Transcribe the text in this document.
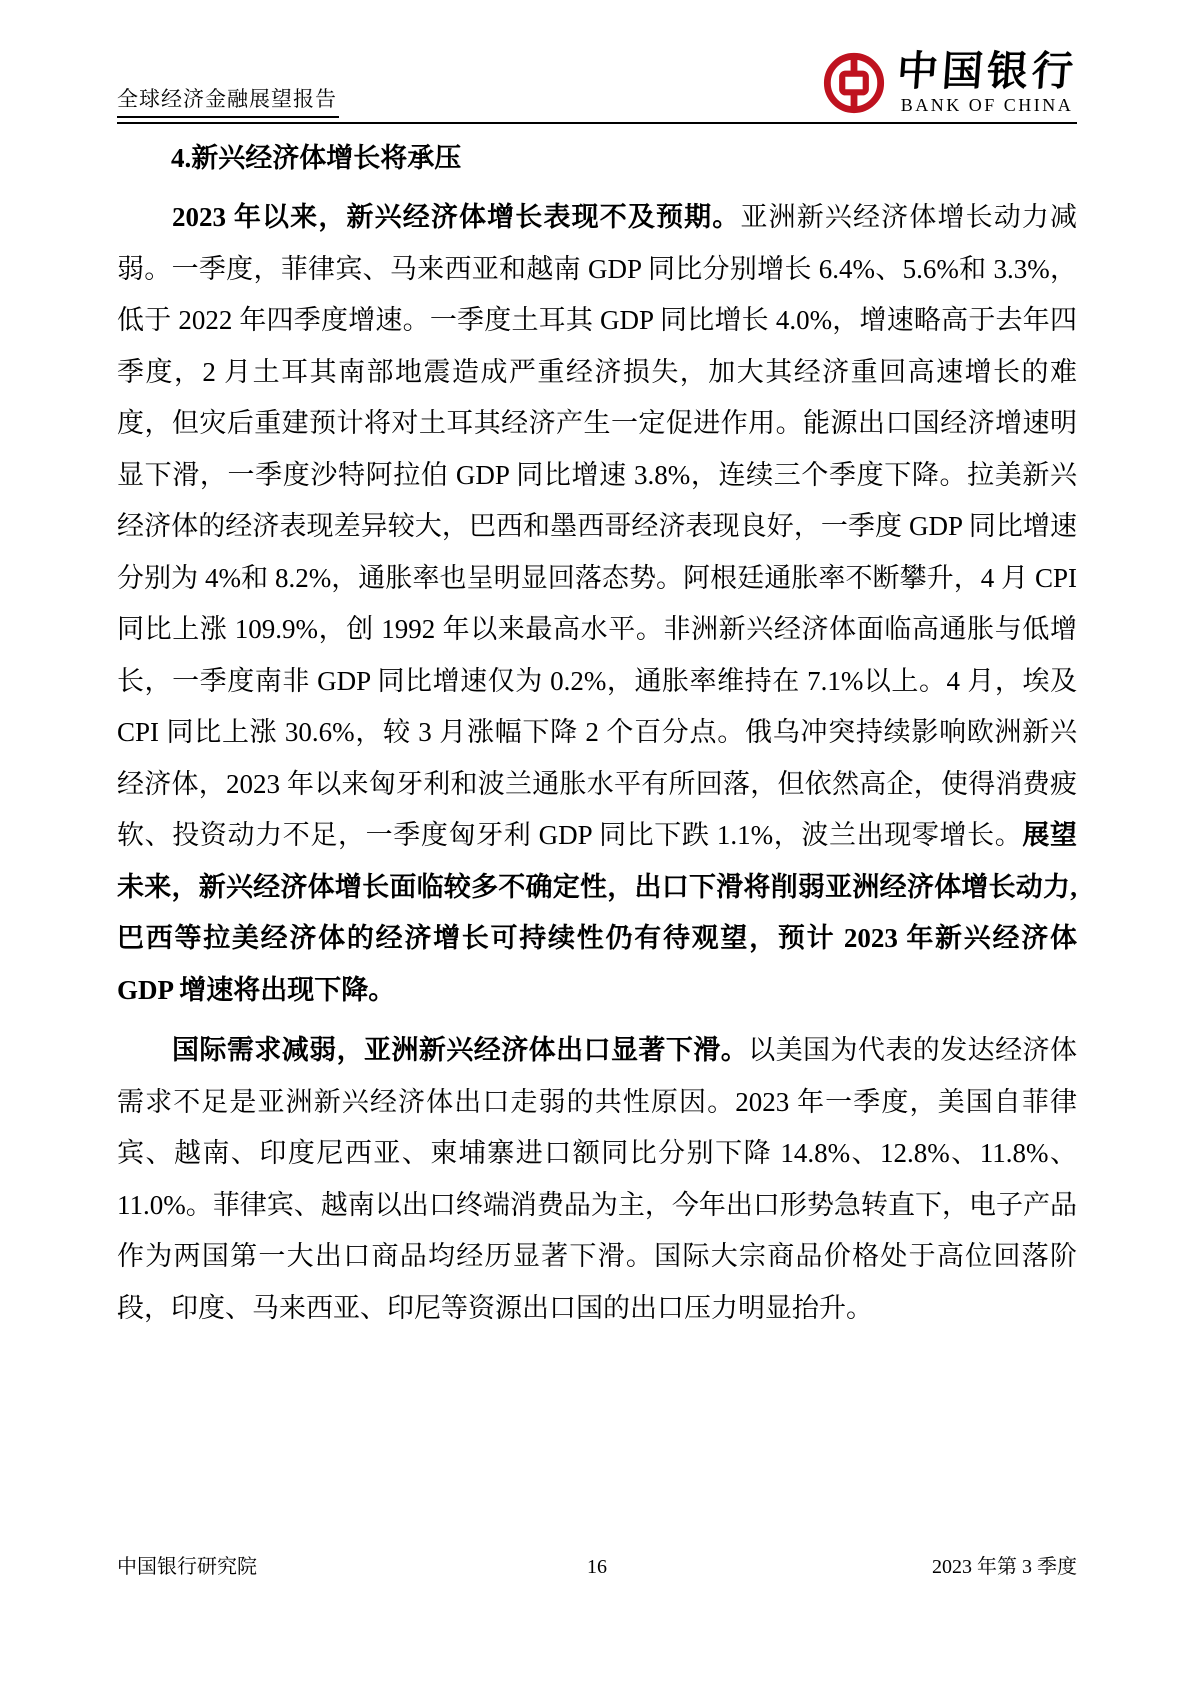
全球经济金融展望报告
中国银行
BANK OF CHINA
4.新兴经济体增长将承压

2023 年以来，新兴经济体增长表现不及预期。亚洲新兴经济体增长动力减弱。一季度，菲律宾、马来西亚和越南 GDP 同比分别增长 6.4%、5.6%和 3.3%，低于 2022 年四季度增速。一季度土耳其 GDP 同比增长 4.0%，增速略高于去年四季度，2 月土耳其南部地震造成严重经济损失，加大其经济重回高速增长的难度，但灾后重建预计将对土耳其经济产生一定促进作用。能源出口国经济增速明显下滑，一季度沙特阿拉伯 GDP 同比增速 3.8%，连续三个季度下降。拉美新兴经济体的经济表现差异较大，巴西和墨西哥经济表现良好，一季度 GDP 同比增速分别为 4%和 8.2%，通胀率也呈明显回落态势。阿根廷通胀率不断攀升，4 月 CPI 同比上涨 109.9%，创 1992 年以来最高水平。非洲新兴经济体面临高通胀与低增长，一季度南非 GDP 同比增速仅为 0.2%，通胀率维持在 7.1%以上。4 月，埃及 CPI 同比上涨 30.6%，较 3 月涨幅下降 2 个百分点。俄乌冲突持续影响欧洲新兴经济体，2023 年以来匈牙利和波兰通胀水平有所回落，但依然高企，使得消费疲软、投资动力不足，一季度匈牙利 GDP 同比下跌 1.1%，波兰出现零增长。展望未来，新兴经济体增长面临较多不确定性，出口下滑将削弱亚洲经济体增长动力,巴西等拉美经济体的经济增长可持续性仍有待观望，预计 2023 年新兴经济体 GDP 增速将出现下降。

国际需求减弱，亚洲新兴经济体出口显著下滑。以美国为代表的发达经济体需求不足是亚洲新兴经济体出口走弱的共性原因。2023 年一季度，美国自菲律宾、越南、印度尼西亚、柬埔寨进口额同比分别下降 14.8%、12.8%、11.8%、11.0%。菲律宾、越南以出口终端消费品为主，今年出口形势急转直下，电子产品作为两国第一大出口商品均经历显著下滑。国际大宗商品价格处于高位回落阶段，印度、马来西亚、印尼等资源出口国的出口压力明显抬升。

中国银行研究院	16	2023 年第 3 季度
